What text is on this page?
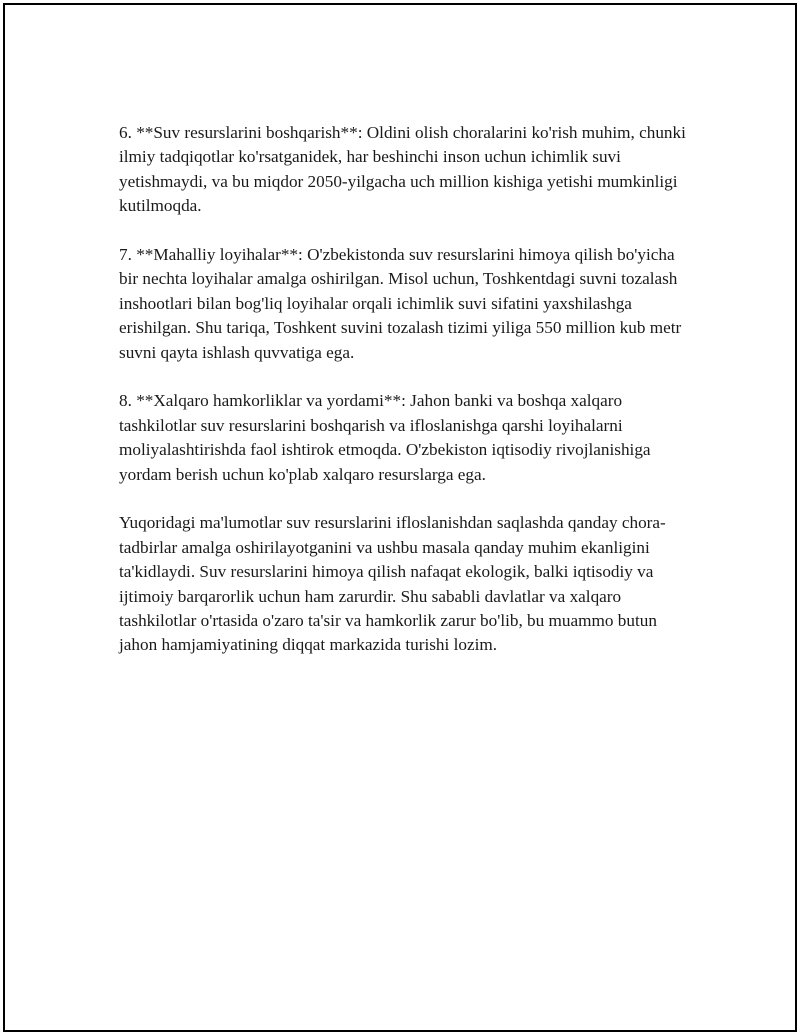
6. **Suv resurslarini boshqarish**: Oldini olish choralarini ko'rish muhim, chunki ilmiy tadqiqotlar ko'rsatganidek, har beshinchi inson uchun ichimlik suvi yetishmaydi, va bu miqdor 2050-yilgacha uch million kishiga yetishi mumkinligi kutilmoqda.

7. **Mahalliy loyihalar**: O'zbekistonda suv resurslarini himoya qilish bo'yicha bir nechta loyihalar amalga oshirilgan. Misol uchun, Toshkentdagi suvni tozalash inshootlari bilan bog'liq loyihalar orqali ichimlik suvi sifatini yaxshilashga erishilgan. Shu tariqa, Toshkent suvini tozalash tizimi yiliga 550 million kub metr suvni qayta ishlash quvvatiga ega.

8. **Xalqaro hamkorliklar va yordami**: Jahon banki va boshqa xalqaro tashkilotlar suv resurslarini boshqarish va ifloslanishga qarshi loyihalarni moliyalashtirishda faol ishtirok etmoqda. O'zbekiston iqtisodiy rivojlanishiga yordam berish uchun ko'plab xalqaro resurslarga ega.

Yuqoridagi ma'lumotlar suv resurslarini ifloslanishdan saqlashda qanday chora-tadbirlar amalga oshirilayotganini va ushbu masala qanday muhim ekanligini ta'kidlaydi. Suv resurslarini himoya qilish nafaqat ekologik, balki iqtisodiy va ijtimoiy barqarorlik uchun ham zarurdir. Shu sababli davlatlar va xalqaro tashkilotlar o'rtasida o'zaro ta'sir va hamkorlik zarur bo'lib, bu muammo butun jahon hamjamiyatining diqqat markazida turishi lozim.
